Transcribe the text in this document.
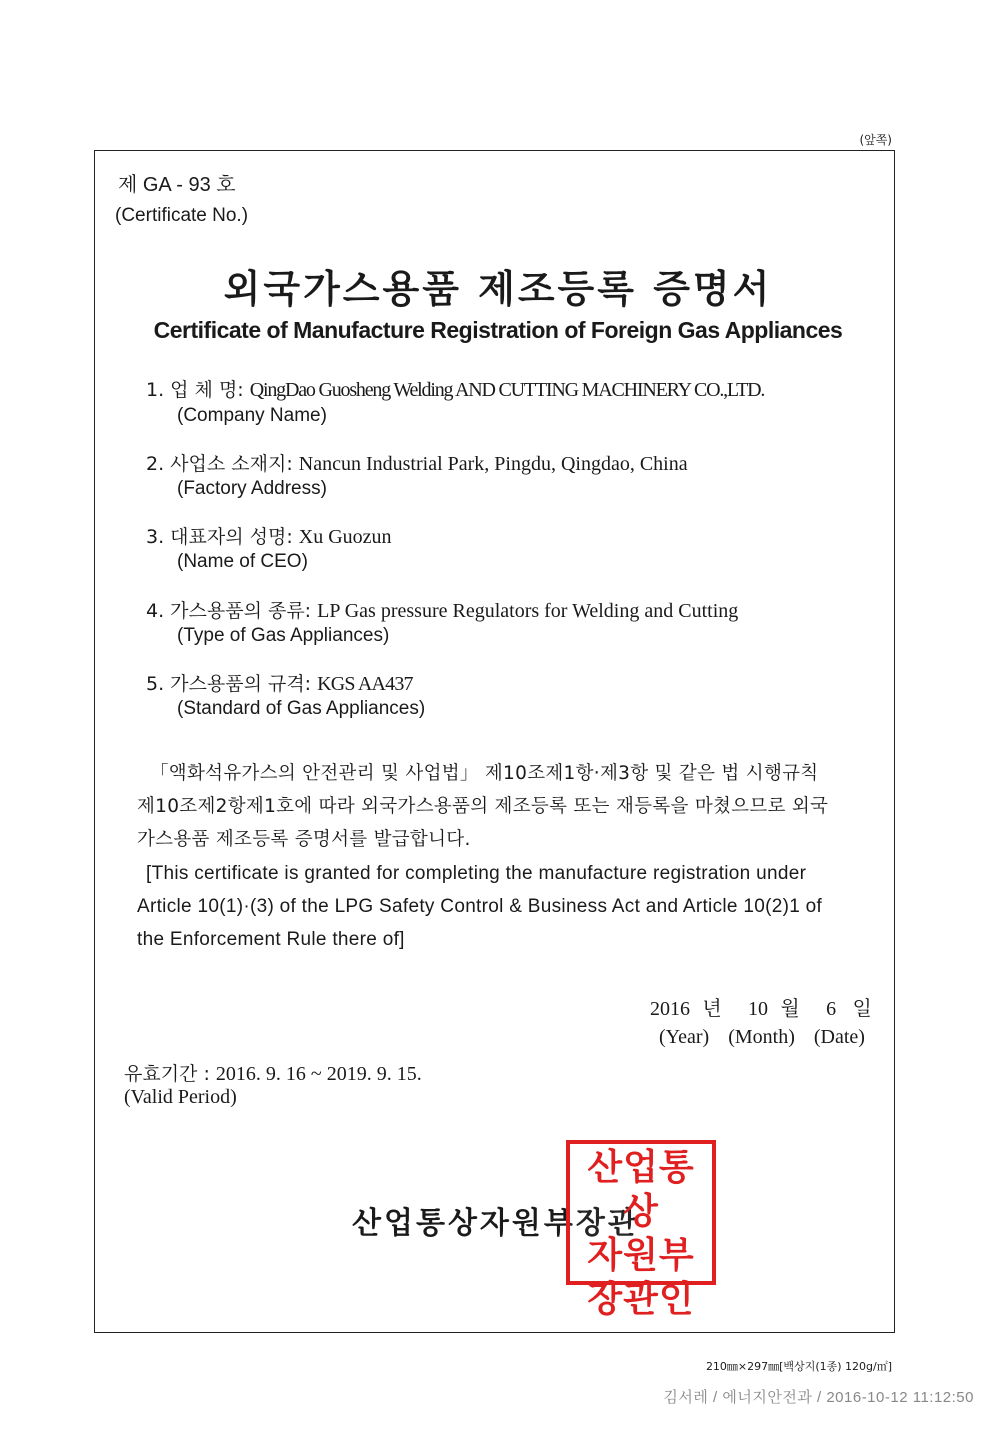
(앞쪽)
제 GA - 93 호
(Certificate No.)
외국가스용품 제조등록 증명서
Certificate of Manufacture Registration of Foreign Gas Appliances
1. 업 체 명: QingDao Guosheng Welding AND CUTTING MACHINERY CO.,LTD.
(Company Name)
2. 사업소 소재지: Nancun Industrial Park, Pingdu, Qingdao, China
(Factory Address)
3. 대표자의 성명: Xu Guozun
(Name of CEO)
4. 가스용품의 종류: LP Gas pressure Regulators for Welding and Cutting
(Type of Gas Appliances)
5. 가스용품의 규격: KGS AA437
(Standard of Gas Appliances)
「액화석유가스의 안전관리 및 사업법」 제10조제1항·제3항 및 같은 법 시행규칙
제10조제2항제1호에 따라 외국가스용품의 제조등록 또는 재등록을 마쳤으므로 외국
가스용품 제조등록 증명서를 발급합니다.
[This certificate is granted for completing the manufacture registration under
Article 10(1)·(3) of the LPG Safety Control & Business Act and Article 10(2)1 of
the Enforcement Rule there of]
2016 년 10 월 6 일
(Year) (Month) (Date)
유효기간 : 2016. 9. 16 ~ 2019. 9. 15.
(Valid Period)
산업통상자원부장관
산업통상
자원부
장관인
210㎜×297㎜[백상지(1종) 120g/㎡]
김서레 / 에너지안전과 / 2016-10-12 11:12:50
